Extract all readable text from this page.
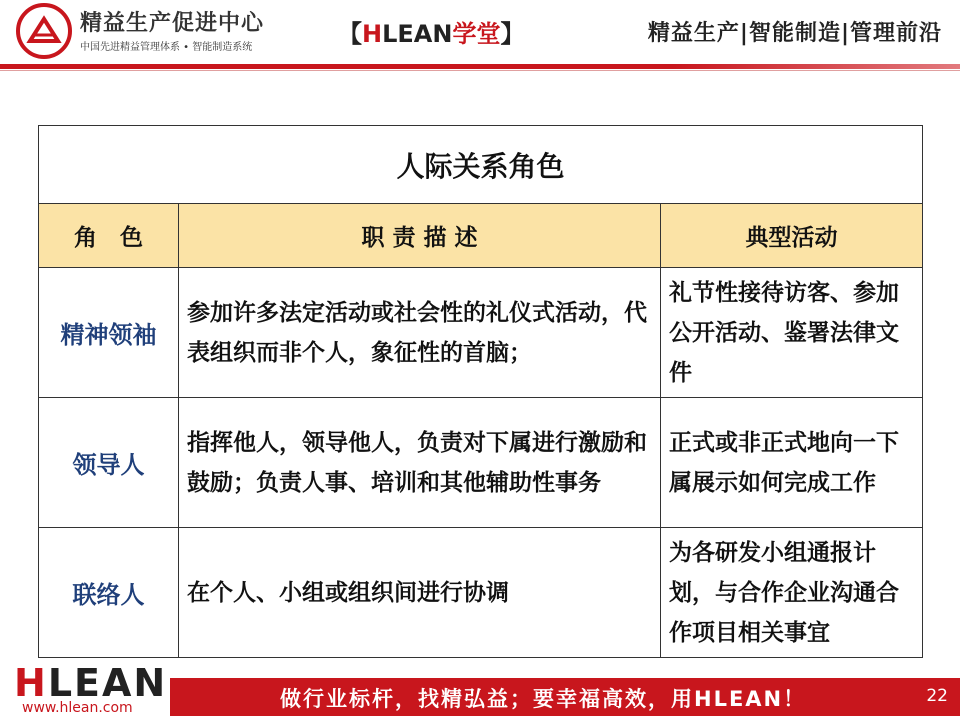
精益生产促进中心
中国先进精益管理体系 • 智能制造系统	【HLEAN学堂】	精益生产|智能制造|管理前沿
人际关系角色		
角　色	职 责 描 述	典型活动
精神领袖	参加许多法定活动或社会性的礼仪式活动，代表组织而非个人，象征性的首脑；	礼节性接待访客、参加公开活动、鉴署法律文件
领导人	指挥他人，领导他人，负责对下属进行激励和鼓励；负责人事、培训和其他辅助性事务	正式或非正式地向一下属展示如何完成工作
联络人	在个人、小组或组织间进行协调	为各研发小组通报计划，与合作企业沟通合作项目相关事宜
HLEAN
www.hlean.com	做行业标杆，找精弘益；要幸福高效，用HLEAN！	22
